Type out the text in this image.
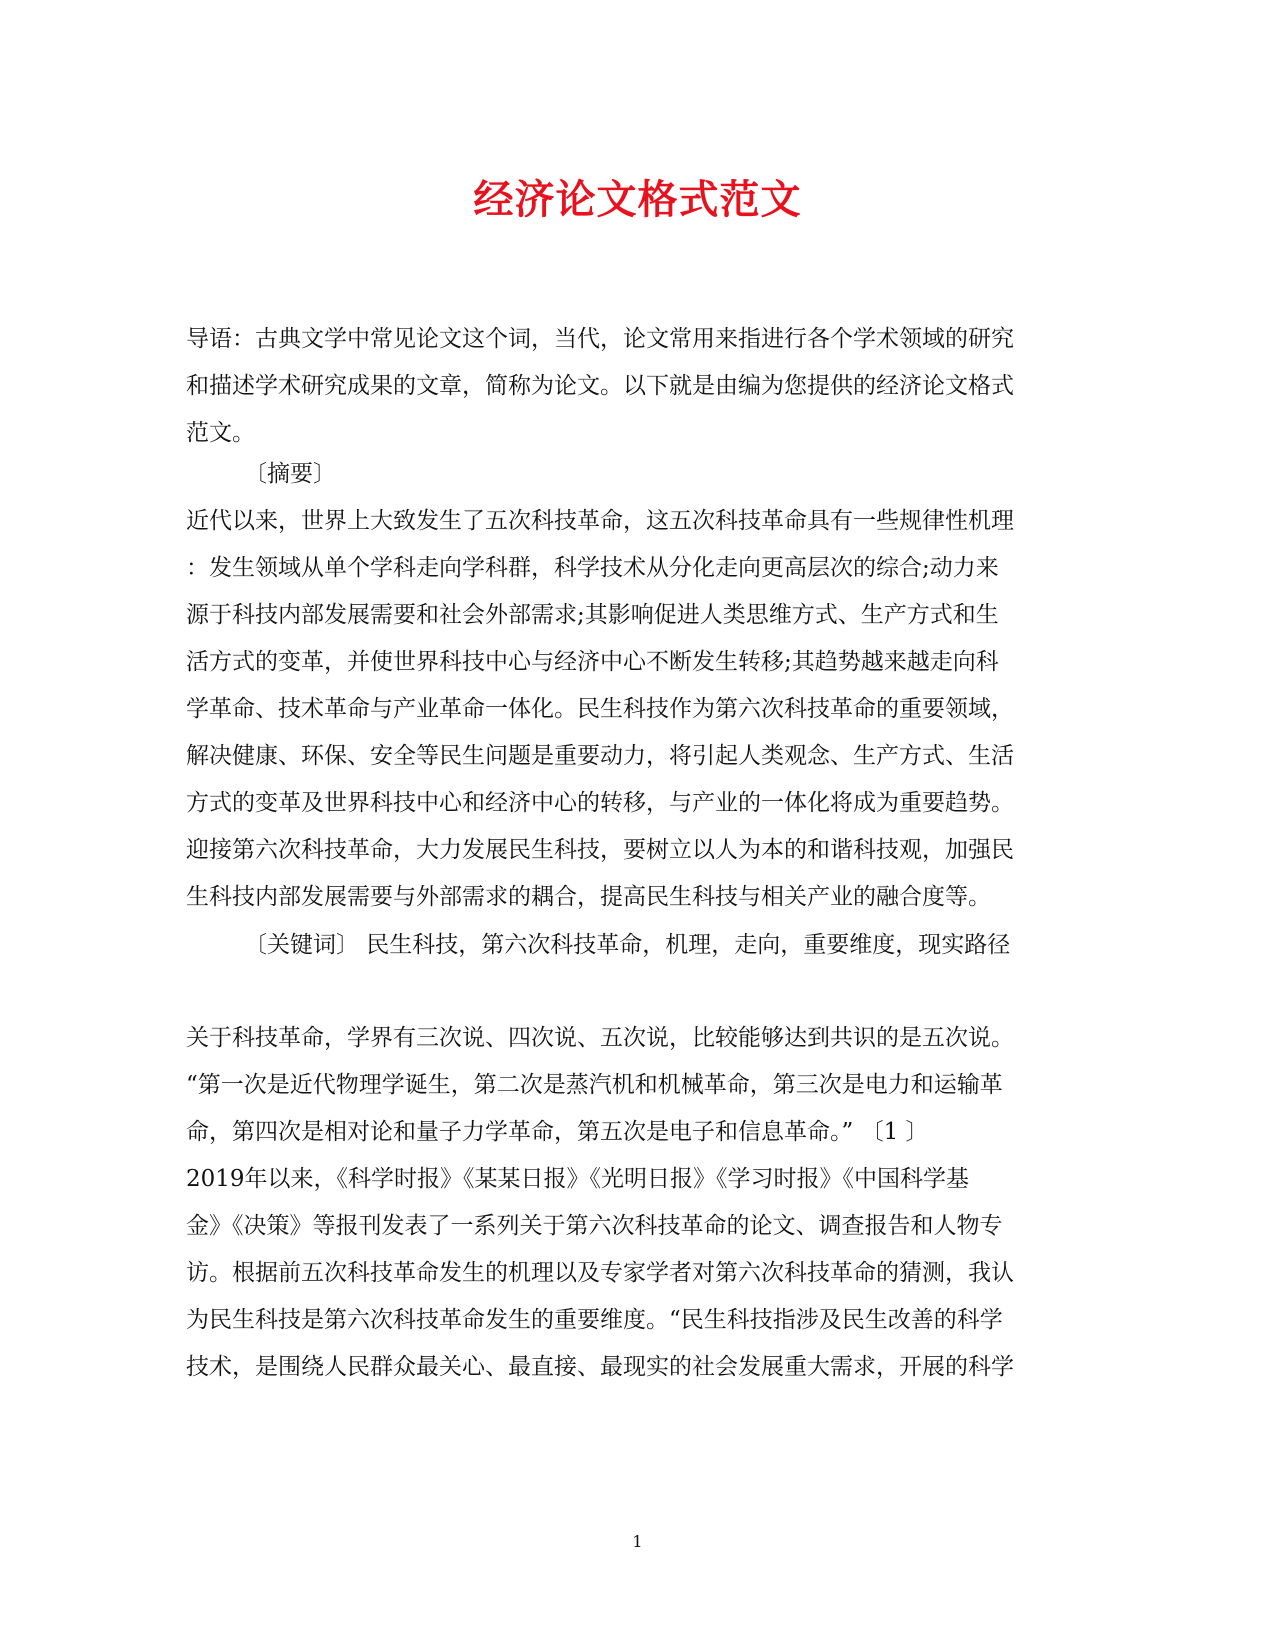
经济论文格式范文
导语：古典文学中常见论文这个词，当代，论文常用来指进行各个学术领域的研究
和描述学术研究成果的文章，简称为论文。以下就是由编为您提供的经济论文格式
范文。
〔摘要〕
近代以来，世界上大致发生了五次科技革命，这五次科技革命具有一些规律性机理
：发生领域从单个学科走向学科群，科学技术从分化走向更高层次的综合;动力来
源于科技内部发展需要和社会外部需求;其影响促进人类思维方式、生产方式和生
活方式的变革，并使世界科技中心与经济中心不断发生转移;其趋势越来越走向科
学革命、技术革命与产业革命一体化。民生科技作为第六次科技革命的重要领域，
解决健康、环保、安全等民生问题是重要动力，将引起人类观念、生产方式、生活
方式的变革及世界科技中心和经济中心的转移，与产业的一体化将成为重要趋势。
迎接第六次科技革命，大力发展民生科技，要树立以人为本的和谐科技观，加强民
生科技内部发展需要与外部需求的耦合，提高民生科技与相关产业的融合度等。
〔关键词〕 民生科技，第六次科技革命，机理，走向，重要维度，现实路径
关于科技革命，学界有三次说、四次说、五次说，比较能够达到共识的是五次说。
“第一次是近代物理学诞生，第二次是蒸汽机和机械革命，第三次是电力和运输革
命，第四次是相对论和量子力学革命，第五次是电子和信息革命。” 〔1 〕
2019年以来，《科学时报》《某某日报》《光明日报》《学习时报》《中国科学基
金》《决策》等报刊发表了一系列关于第六次科技革命的论文、调查报告和人物专
访。根据前五次科技革命发生的机理以及专家学者对第六次科技革命的猜测，我认
为民生科技是第六次科技革命发生的重要维度。“民生科技指涉及民生改善的科学
技术，是围绕人民群众最关心、最直接、最现实的社会发展重大需求，开展的科学
1
